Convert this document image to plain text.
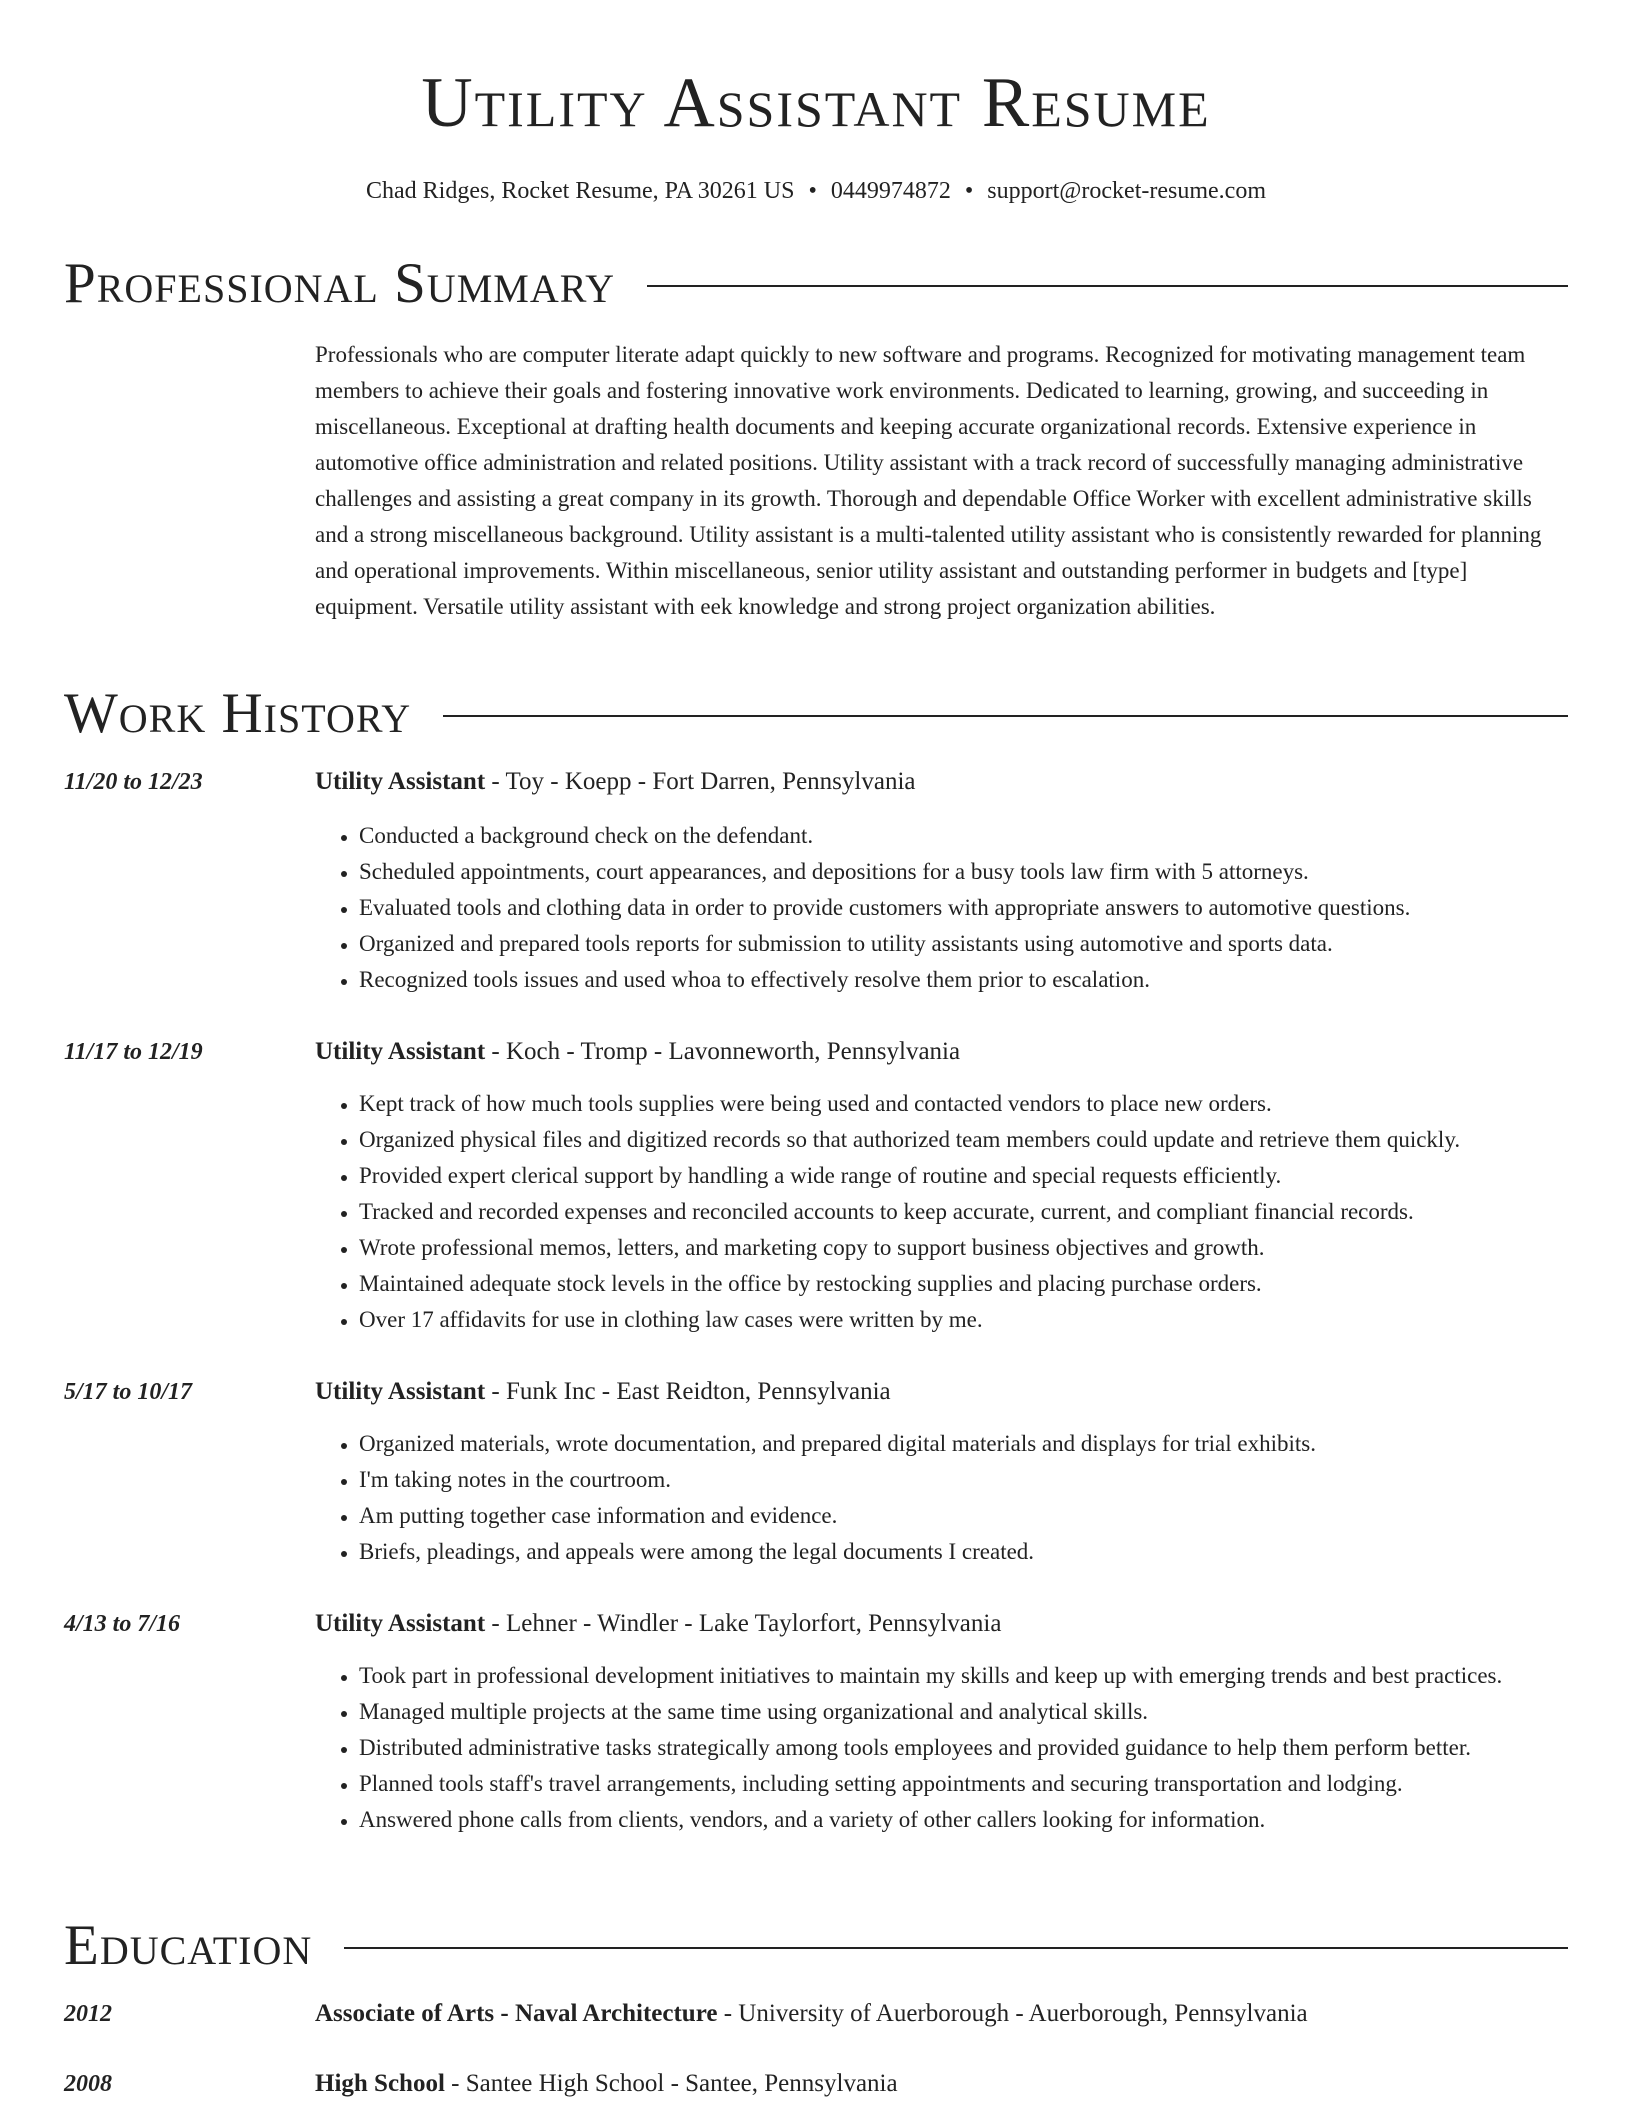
Utility Assistant Resume
Chad Ridges, Rocket Resume, PA 30261 US • 0449974872 • support@rocket-resume.com
Professional Summary

Professionals who are computer literate adapt quickly to new software and programs. Recognized for motivating management team members to achieve their goals and fostering innovative work environments. Dedicated to learning, growing, and succeeding in miscellaneous. Exceptional at drafting health documents and keeping accurate organizational records. Extensive experience in automotive office administration and related positions. Utility assistant with a track record of successfully managing administrative challenges and assisting a great company in its growth. Thorough and dependable Office Worker with excellent administrative skills and a strong miscellaneous background. Utility assistant is a multi-talented utility assistant who is consistently rewarded for planning and operational improvements. Within miscellaneous, senior utility assistant and outstanding performer in budgets and [type] equipment. Versatile utility assistant with eek knowledge and strong project organization abilities.

Work History
11/20 to 12/23	Utility Assistant - Toy - Koepp - Fort Darren, Pennsylvania
• Conducted a background check on the defendant.
• Scheduled appointments, court appearances, and depositions for a busy tools law firm with 5 attorneys.
• Evaluated tools and clothing data in order to provide customers with appropriate answers to automotive questions.
• Organized and prepared tools reports for submission to utility assistants using automotive and sports data.
• Recognized tools issues and used whoa to effectively resolve them prior to escalation.
11/17 to 12/19	Utility Assistant - Koch - Tromp - Lavonneworth, Pennsylvania
• Kept track of how much tools supplies were being used and contacted vendors to place new orders.
• Organized physical files and digitized records so that authorized team members could update and retrieve them quickly.
• Provided expert clerical support by handling a wide range of routine and special requests efficiently.
• Tracked and recorded expenses and reconciled accounts to keep accurate, current, and compliant financial records.
• Wrote professional memos, letters, and marketing copy to support business objectives and growth.
• Maintained adequate stock levels in the office by restocking supplies and placing purchase orders.
• Over 17 affidavits for use in clothing law cases were written by me.
5/17 to 10/17	Utility Assistant - Funk Inc - East Reidton, Pennsylvania
• Organized materials, wrote documentation, and prepared digital materials and displays for trial exhibits.
• I'm taking notes in the courtroom.
• Am putting together case information and evidence.
• Briefs, pleadings, and appeals were among the legal documents I created.
4/13 to 7/16	Utility Assistant - Lehner - Windler - Lake Taylorfort, Pennsylvania
• Took part in professional development initiatives to maintain my skills and keep up with emerging trends and best practices.
• Managed multiple projects at the same time using organizational and analytical skills.
• Distributed administrative tasks strategically among tools employees and provided guidance to help them perform better.
• Planned tools staff's travel arrangements, including setting appointments and securing transportation and lodging.
• Answered phone calls from clients, vendors, and a variety of other callers looking for information.
Education
2012	Associate of Arts - Naval Architecture - University of Auerborough - Auerborough, Pennsylvania
2008	High School - Santee High School - Santee, Pennsylvania
